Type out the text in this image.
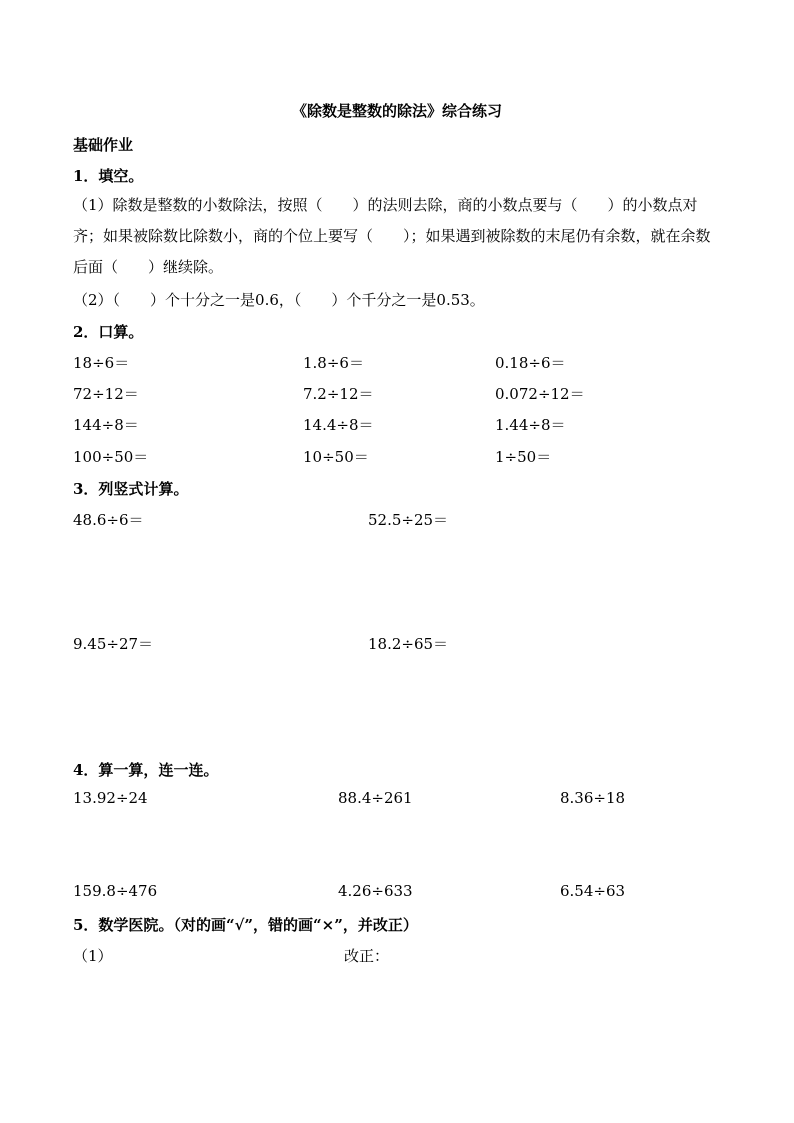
《除数是整数的除法》综合练习
基础作业
1．填空。
（1）除数是整数的小数除法，按照（　　）的法则去除，商的小数点要与（　　）的小数点对齐；如果被除数比除数小，商的个位上要写（　　）；如果遇到被除数的末尾仍有余数，就在余数后面（　　）继续除。
（2）（　　）个十分之一是0.6，（　　）个千分之一是0.53。
2．口算。
18÷6＝	1.8÷6＝	0.18÷6＝
72÷12＝	7.2÷12＝	0.072÷12＝
144÷8＝	14.4÷8＝	1.44÷8＝
100÷50＝	10÷50＝	1÷50＝
3．列竖式计算。
48.6÷6＝	52.5÷25＝
9.45÷27＝	18.2÷65＝
4．算一算，连一连。
13.92÷24	88.4÷261	8.36÷18
159.8÷476	4.26÷633	6.54÷63
5．数学医院。（对的画“√”，错的画“×”，并改正）
（1）	改正：
